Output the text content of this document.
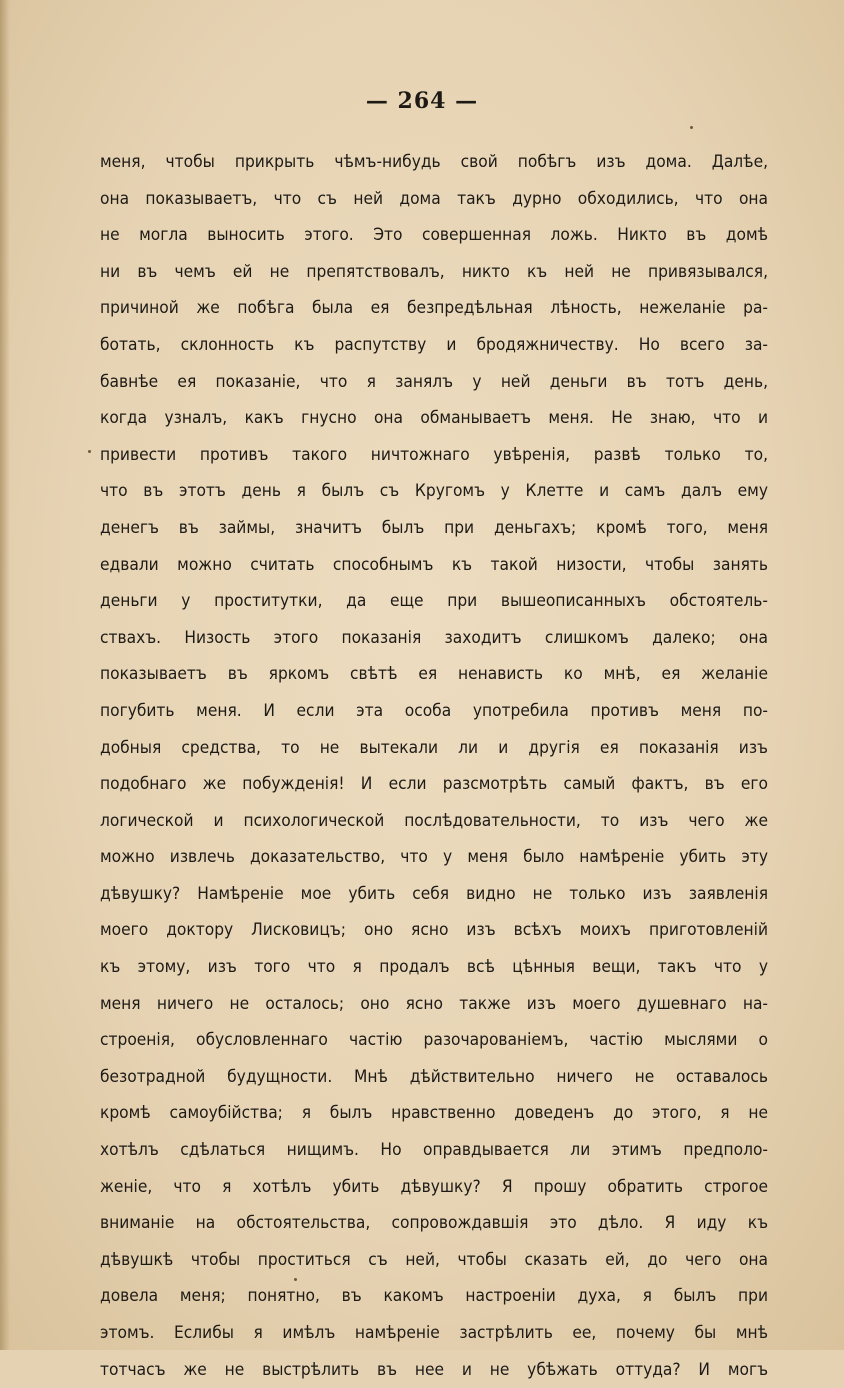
— 264 —
меня, чтобы прикрыть чѣмъ-нибудь свой побѣгъ изъ дома. Далѣе,
она показываетъ, что съ ней дома такъ дурно обходились, что она
не могла выносить этого. Это совершенная ложь. Никто въ домѣ
ни въ чемъ ей не препятствовалъ, никто къ ней не привязывался,
причиной же побѣга была ея безпредѣльная лѣность, нежеланіе ра-
ботать, склонность къ распутству и бродяжничеству. Но всего за-
бавнѣе ея показаніе, что я занялъ у ней деньги въ тотъ день,
когда узналъ, какъ гнусно она обманываетъ меня. Не знаю, что и
привести противъ такого ничтожнаго увѣренія, развѣ только то,
что въ этотъ день я былъ съ Кругомъ у Клетте и самъ далъ ему
денегъ въ займы, значитъ былъ при деньгахъ; кромѣ того, меня
едвали можно считать способнымъ къ такой низости, чтобы занять
деньги у проститутки, да еще при вышеописанныхъ обстоятель-
ствахъ. Низость этого показанія заходитъ слишкомъ далеко; она
показываетъ въ яркомъ свѣтѣ ея ненависть ко мнѣ, ея желаніе
погубить меня. И если эта особа употребила противъ меня по-
добныя средства, то не вытекали ли и другія ея показанія изъ
подобнаго же побужденія! И если разсмотрѣть самый фактъ, въ его
логической и психологической послѣдовательности, то изъ чего же
можно извлечь доказательство, что у меня было намѣреніе убить эту
дѣвушку? Намѣреніе мое убить себя видно не только изъ заявленія
моего доктору Лисковицъ; оно ясно изъ всѣхъ моихъ приготовленій
къ этому, изъ того что я продалъ всѣ цѣнныя вещи, такъ что у
меня ничего не осталось; оно ясно также изъ моего душевнаго на-
строенія, обусловленнаго частію разочарованіемъ, частію мыслями о
безотрадной будущности. Мнѣ дѣйствительно ничего не оставалось
кромѣ самоубійства; я былъ нравственно доведенъ до этого, я не
хотѣлъ сдѣлаться нищимъ. Но оправдывается ли этимъ предполо-
женіе, что я хотѣлъ убить дѣвушку? Я прошу обратить строгое
вниманіе на обстоятельства, сопровождавшія это дѣло. Я иду къ
дѣвушкѣ чтобы проститься съ ней, чтобы сказать ей, до чего она
довела меня; понятно, въ какомъ настроеніи духа, я былъ при
этомъ. Еслибы я имѣлъ намѣреніе застрѣлить ее, почему бы мнѣ
тотчасъ же не выстрѣлить въ нее и не убѣжать оттуда? И могъ
